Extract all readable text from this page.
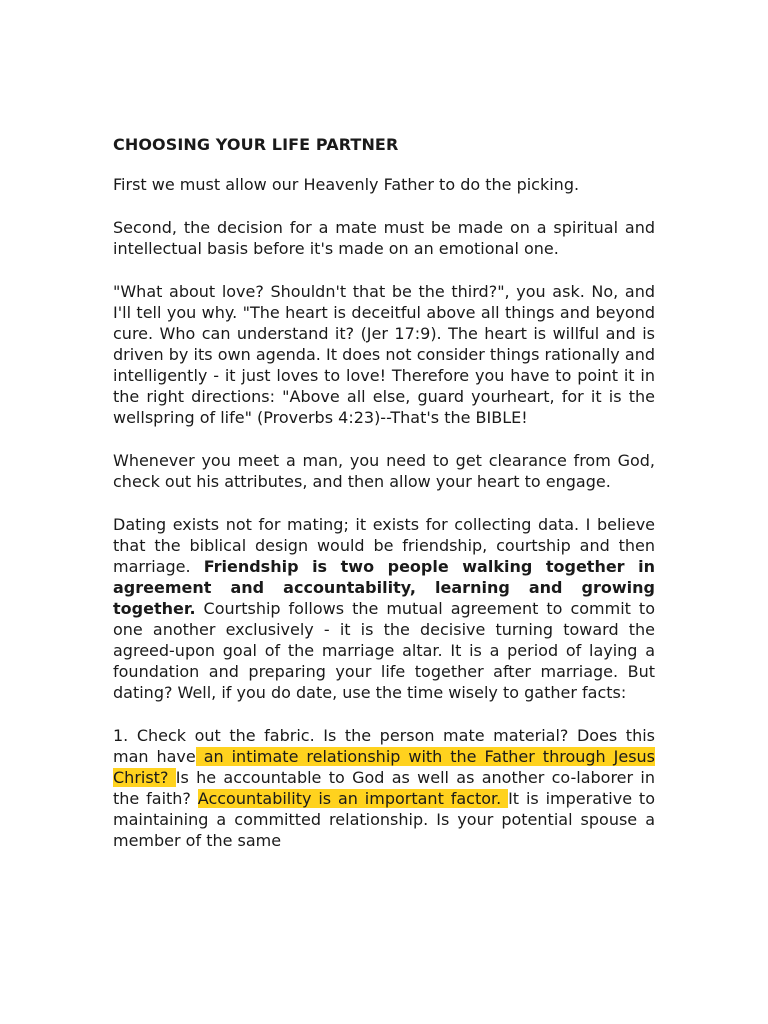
CHOOSING YOUR LIFE PARTNER

First we must allow our Heavenly Father to do the picking.

Second, the decision for a mate must be made on a spiritual and intellectual basis before it's made on an emotional one.

"What about love? Shouldn't that be the third?", you ask. No, and I'll tell you why. "The heart is deceitful above all things and beyond cure. Who can understand it? (Jer 17:9). The heart is willful and is driven by its own agenda. It does not consider things rationally and intelligently - it just loves to love! Therefore you have to point it in the right directions: "Above all else, guard yourheart, for it is the wellspring of life" (Proverbs 4:23)--That's the BIBLE!

Whenever you meet a man, you need to get clearance from God, check out his attributes, and then allow your heart to engage.

Dating exists not for mating; it exists for collecting data. I believe that the biblical design would be friendship, courtship and then marriage. Friendship is two people walking together in agreement and accountability, learning and growing together. Courtship follows the mutual agreement to commit to one another exclusively - it is the decisive turning toward the agreed-upon goal of the marriage altar. It is a period of laying a foundation and preparing your life together after marriage. But dating? Well, if you do date, use the time wisely to gather facts:

1. Check out the fabric. Is the person mate material? Does this man have an intimate relationship with the Father through Jesus Christ? Is he accountable to God as well as another co-laborer in the faith? Accountability is an important factor. It is imperative to maintaining a committed relationship. Is your potential spouse a member of the same
